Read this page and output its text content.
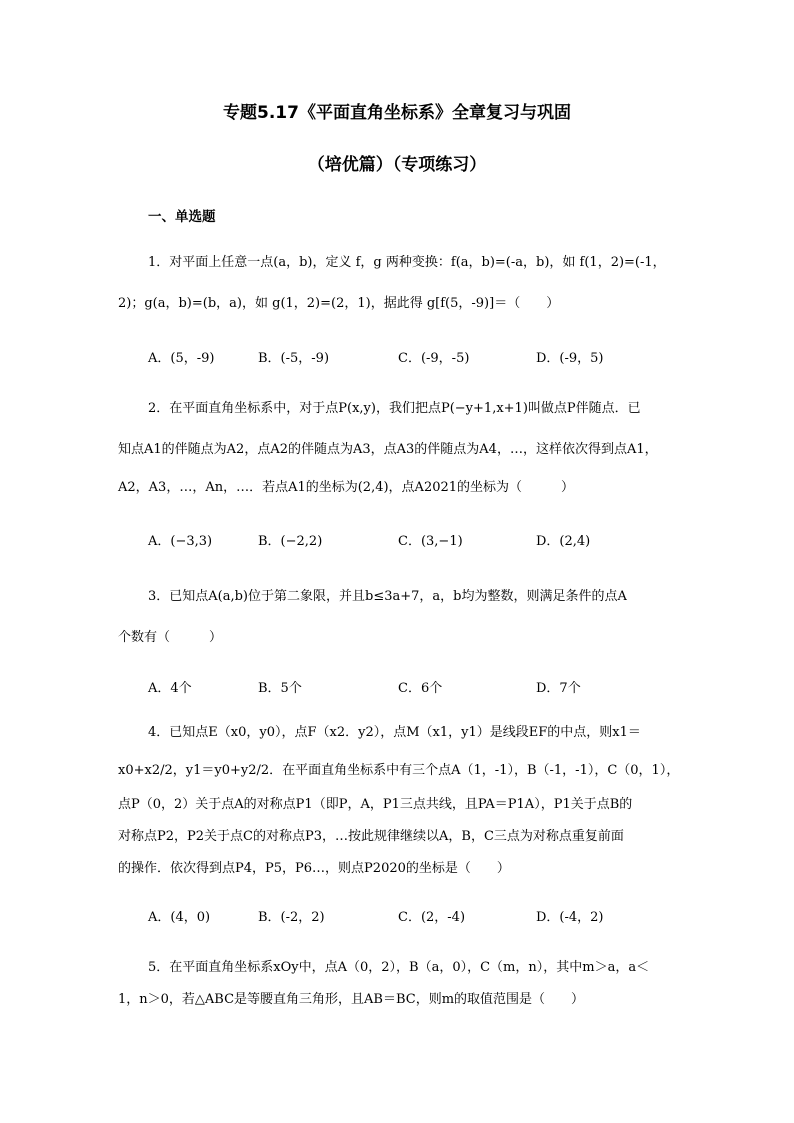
专题5.17《平面直角坐标系》全章复习与巩固
（培优篇）（专项练习）
一、单选题
1．对平面上任意一点(a，b)，定义 f，g 两种变换：f(a，b)=(-a，b)，如 f(1，2)=(-1，
2)；g(a，b)=(b，a)，如 g(1，2)=(2，1)，据此得 g[f(5，-9)]＝（　　）
A．(5，-9)	B．(-5，-9)	C．(-9，-5)	D．(-9，5)
2．在平面直角坐标系中，对于点P(x,y)，我们把点P(−y+1,x+1)叫做点P伴随点．已
知点A1的伴随点为A2，点A2的伴随点为A3，点A3的伴随点为A4，…，这样依次得到点A1，
A2，A3，…，An，…．若点A1的坐标为(2,4)，点A2021的坐标为（　　　）
A．(−3,3)	B．(−2,2)	C．(3,−1)	D．(2,4)
3．已知点A(a,b)位于第二象限，并且b≤3a+7，a，b均为整数，则满足条件的点A
个数有（　　　）
A．4个	B．5个	C．6个	D．7个
4．已知点E（x0，y0），点F（x2．y2），点M（x1，y1）是线段EF的中点，则x1＝
x0+x2/2，y1＝y0+y2/2．在平面直角坐标系中有三个点A（1，-1），B（-1，-1），C（0，1），
点P（0，2）关于点A的对称点P1（即P，A，P1三点共线，且PA＝P1A），P1关于点B的
对称点P2，P2关于点C的对称点P3，…按此规律继续以A，B，C三点为对称点重复前面
的操作．依次得到点P4，P5，P6…，则点P2020的坐标是（　　）
A．(4，0)	B．(-2，2)	C．(2，-4)	D．(-4，2)
5．在平面直角坐标系xOy中，点A（0，2），B（a，0），C（m，n），其中m＞a，a＜
1，n＞0，若△ABC是等腰直角三角形，且AB＝BC，则m的取值范围是（　　）
